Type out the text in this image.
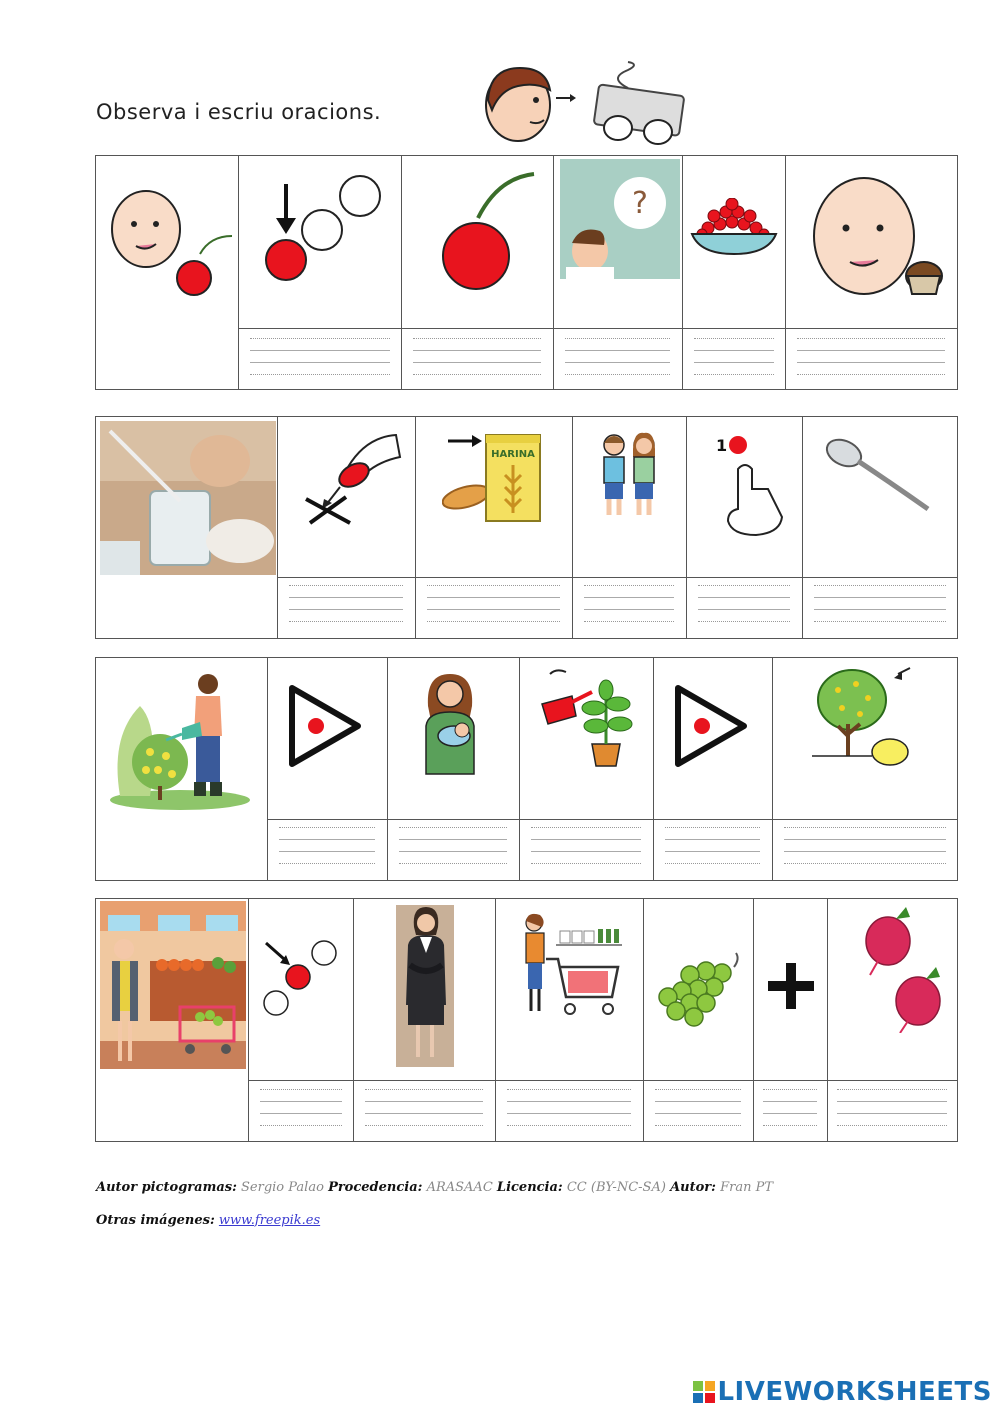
Observa i escriu oracions.
?
HARINA	1
Autor pictogramas: Sergio Palao Procedencia: ARASAAC Licencia: CC (BY-NC-SA) Autor: Fran PT
Otras imágenes: www.freepik.es
LIVEWORKSHEETS
